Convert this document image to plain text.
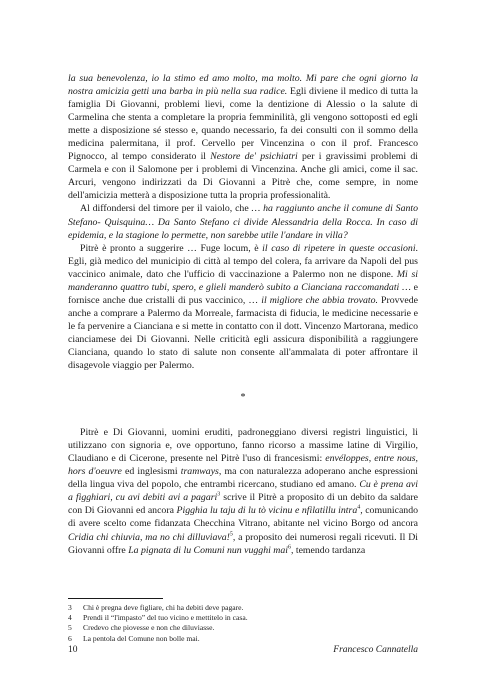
la sua benevolenza, io la stimo ed amo molto, ma molto. Mi pare che ogni giorno la nostra amicizia getti una barba in più nella sua radice. Egli diviene il medico di tutta la famiglia Di Giovanni, problemi lievi, come la dentizione di Alessio o la salute di Carmelina che stenta a completare la propria femminilità, gli vengono sottoposti ed egli mette a disposizione sé stesso e, quando necessario, fa dei consulti con il sommo della medicina palermitana, il prof. Cervello per Vincenzina o con il prof. Francesco Pignocco, al tempo considerato il Nestore de' psichiatri per i gravissimi problemi di Carmela e con il Salomone per i problemi di Vincenzina. Anche gli amici, come il sac. Arcuri, vengono indirizzati da Di Giovanni a Pitrè che, come sempre, in nome dell'amicizia metterà a disposizione tutta la propria professionalità.

Al diffondersi del timore per il vaiolo, che … ha raggiunto anche il comune di Santo Stefano- Quisquina… Da Santo Stefano ci divide Alessandria della Rocca. In caso di epidemia, e la stagione lo permette, non sarebbe utile l'andare in villa?

Pitrè è pronto a suggerire … Fuge locum, è il caso di ripetere in queste occasioni. Egli, già medico del municipio di città al tempo del colera, fa arrivare da Napoli del pus vaccinico animale, dato che l'ufficio di vaccinazione a Palermo non ne dispone. Mi si manderanno quattro tubi, spero, e glieli manderò subito a Cianciana raccomandati … e fornisce anche due cristalli di pus vaccinico, … il migliore che abbia trovato. Provvede anche a comprare a Palermo da Morreale, farmacista di fiducia, le medicine necessarie e le fa pervenire a Cianciana e si mette in contatto con il dott. Vincenzo Martorana, medico cianciamese dei Di Giovanni. Nelle criticità egli assicura disponibilità a raggiungere Cianciana, quando lo stato di salute non consente all'ammalata di poter affrontare il disagevole viaggio per Palermo.

*

Pitrè e Di Giovanni, uomini eruditi, padroneggiano diversi registri linguistici, li utilizzano con signoria e, ove opportuno, fanno ricorso a massime latine di Virgilio, Claudiano e di Cicerone, presente nel Pitrè l'uso di francesismi: envéloppes, entre nous, hors d'oeuvre ed inglesismi tramways, ma con naturalezza adoperano anche espressioni della lingua viva del popolo, che entrambi ricercano, studiano ed amano. Cu è prena avi a figghiari, cu avi debiti avi a pagari$^3$ scrive il Pitrè a proposito di un debito da saldare con Di Giovanni ed ancora Pigghia lu taju di lu tò vicinu e nfilatillu intra$^4$, comunicando di avere scelto come fidanzata Checchina Vitrano, abitante nel vicino Borgo od ancora Cridia chi chiuvia, ma no chi dilluviava!$^5$, a proposito dei numerosi regali ricevuti. Il Di Giovanni offre La pignata di lu Comuni nun vugghi mai$^6$, temendo tardanza

3	Chi è pregna deve figliare, chi ha debiti deve pagare.
4	Prendi il “l'impasto” del tuo vicino e mettitelo in casa.
5	Credevo che piovesse e non che diluviasse.
6	La pentola del Comune non bolle mai.
10	Francesco Cannatella
